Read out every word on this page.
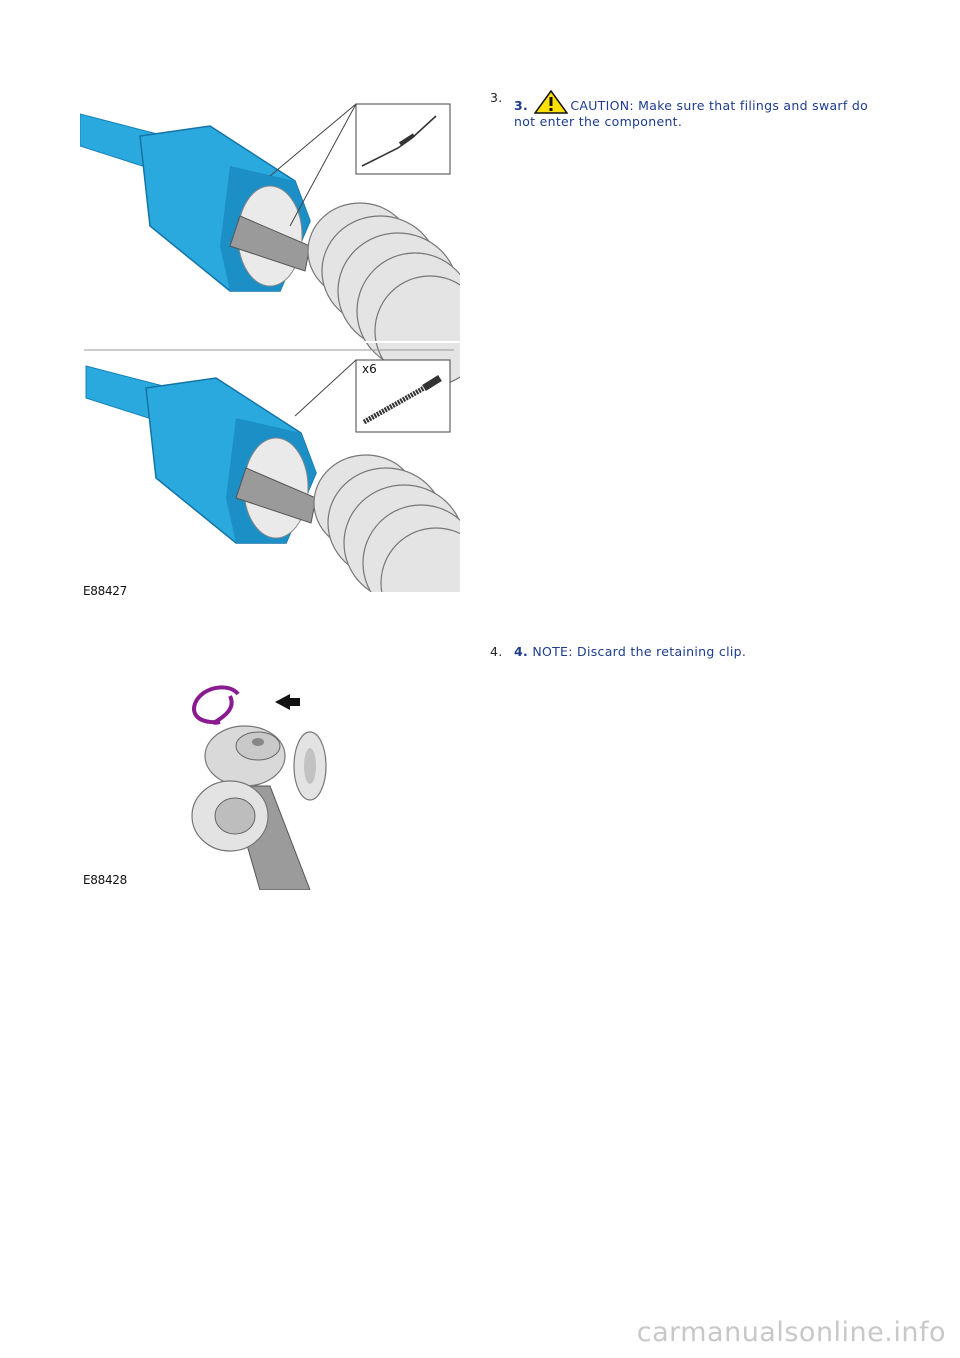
x6
E88427
E88428
3.
3.	CAUTION: Make sure that filings and swarf do not enter the component.
4. 4. NOTE: Discard the retaining clip.
carmanualsonline.info
